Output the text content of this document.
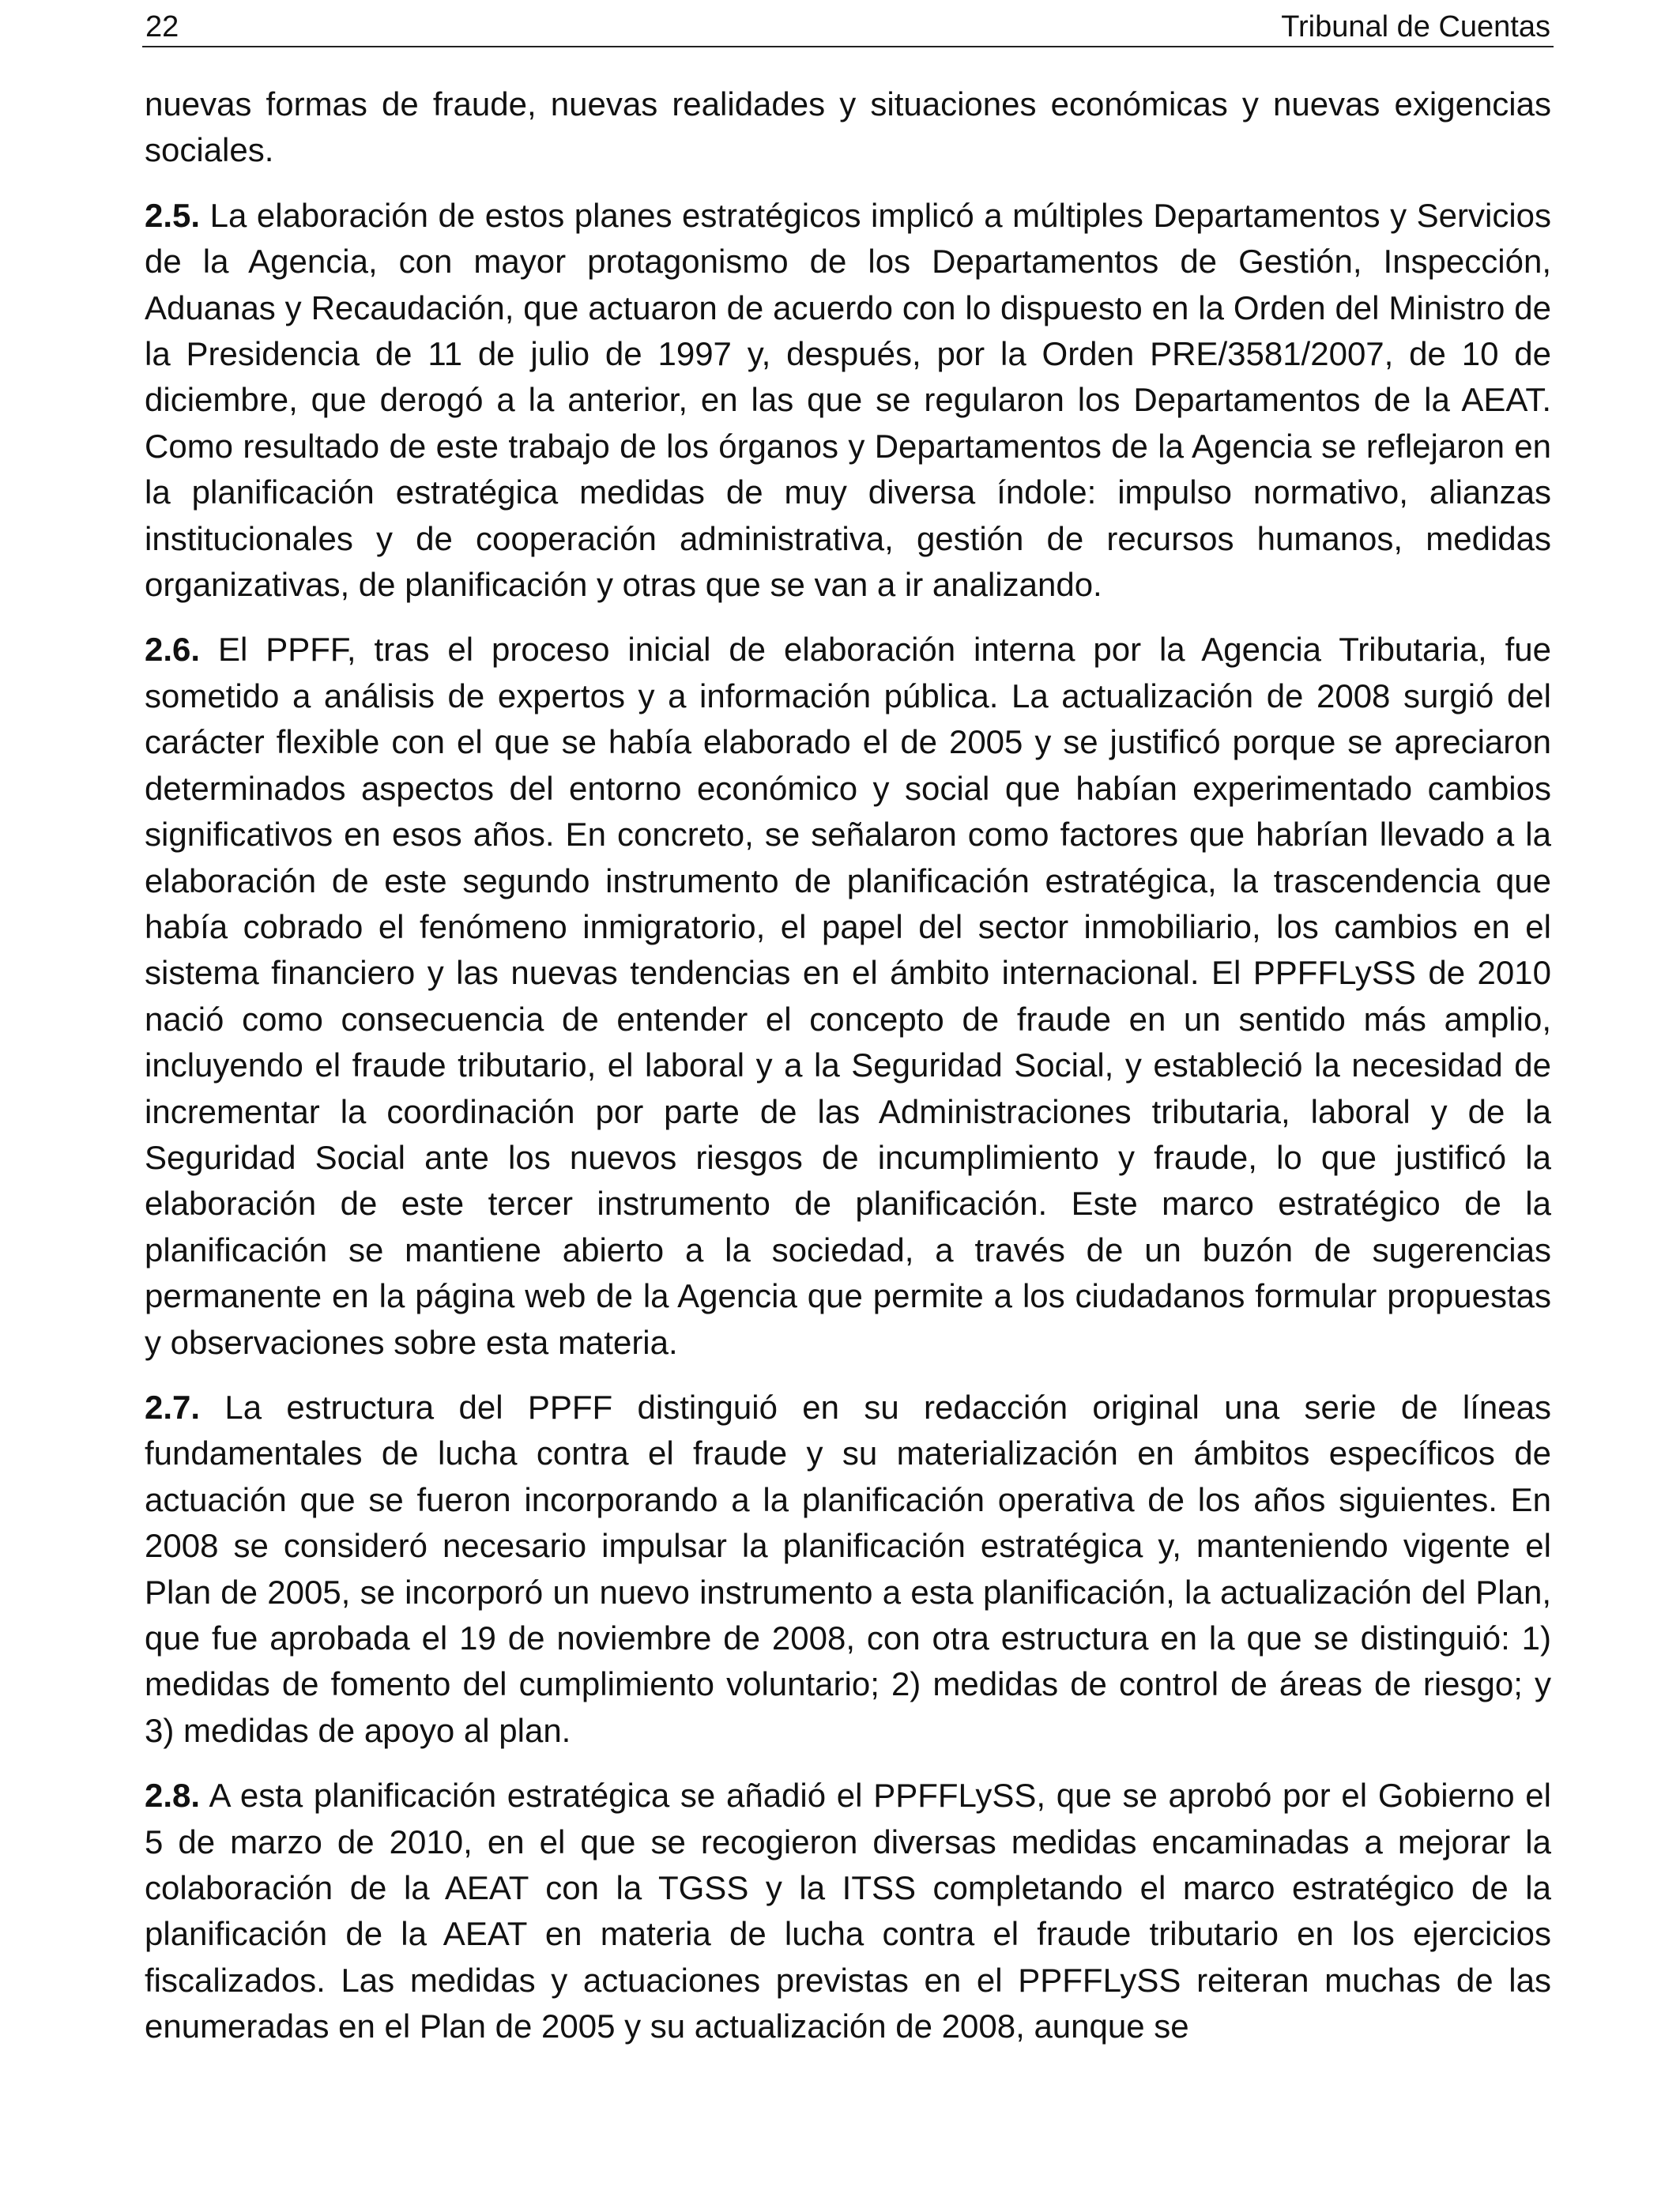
22	Tribunal de Cuentas

nuevas formas de fraude, nuevas realidades y situaciones económicas y nuevas exigencias sociales.

2.5. La elaboración de estos planes estratégicos implicó a múltiples Departamentos y Servicios de la Agencia, con mayor protagonismo de los Departamentos de Gestión, Inspección, Aduanas y Recaudación, que actuaron de acuerdo con lo dispuesto en la Orden del Ministro de la Presidencia de 11 de julio de 1997 y, después, por la Orden PRE/3581/2007, de 10 de diciembre, que derogó a la anterior, en las que se regularon los Departamentos de la AEAT. Como resultado de este trabajo de los órganos y Departamentos de la Agencia se reflejaron en la planificación estratégica medidas de muy diversa índole: impulso normativo, alianzas institucionales y de cooperación administrativa, gestión de recursos humanos, medidas organizativas, de planificación y otras que se van a ir analizando.

2.6. El PPFF, tras el proceso inicial de elaboración interna por la Agencia Tributaria, fue sometido a análisis de expertos y a información pública. La actualización de 2008 surgió del carácter flexible con el que se había elaborado el de 2005 y se justificó porque se apreciaron determinados aspectos del entorno económico y social que habían experimentado cambios significativos en esos años. En concreto, se señalaron como factores que habrían llevado a la elaboración de este segundo instrumento de planificación estratégica, la trascendencia que había cobrado el fenómeno inmigratorio, el papel del sector inmobiliario, los cambios en el sistema financiero y las nuevas tendencias en el ámbito internacional. El PPFFLySS de 2010 nació como consecuencia de entender el concepto de fraude en un sentido más amplio, incluyendo el fraude tributario, el laboral y a la Seguridad Social, y estableció la necesidad de incrementar la coordinación por parte de las Administraciones tributaria, laboral y de la Seguridad Social ante los nuevos riesgos de incumplimiento y fraude, lo que justificó la elaboración de este tercer instrumento de planificación. Este marco estratégico de la planificación se mantiene abierto a la sociedad, a través de un buzón de sugerencias permanente en la página web de la Agencia que permite a los ciudadanos formular propuestas y observaciones sobre esta materia.

2.7. La estructura del PPFF distinguió en su redacción original una serie de líneas fundamentales de lucha contra el fraude y su materialización en ámbitos específicos de actuación que se fueron incorporando a la planificación operativa de los años siguientes. En 2008 se consideró necesario impulsar la planificación estratégica y, manteniendo vigente el Plan de 2005, se incorporó un nuevo instrumento a esta planificación, la actualización del Plan, que fue aprobada el 19 de noviembre de 2008, con otra estructura en la que se distinguió: 1) medidas de fomento del cumplimiento voluntario; 2) medidas de control de áreas de riesgo; y 3) medidas de apoyo al plan.

2.8. A esta planificación estratégica se añadió el PPFFLySS, que se aprobó por el Gobierno el 5 de marzo de 2010, en el que se recogieron diversas medidas encaminadas a mejorar la colaboración de la AEAT con la TGSS y la ITSS completando el marco estratégico de la planificación de la AEAT en materia de lucha contra el fraude tributario en los ejercicios fiscalizados. Las medidas y actuaciones previstas en el PPFFLySS reiteran muchas de las enumeradas en el Plan de 2005 y su actualización de 2008, aunque se
